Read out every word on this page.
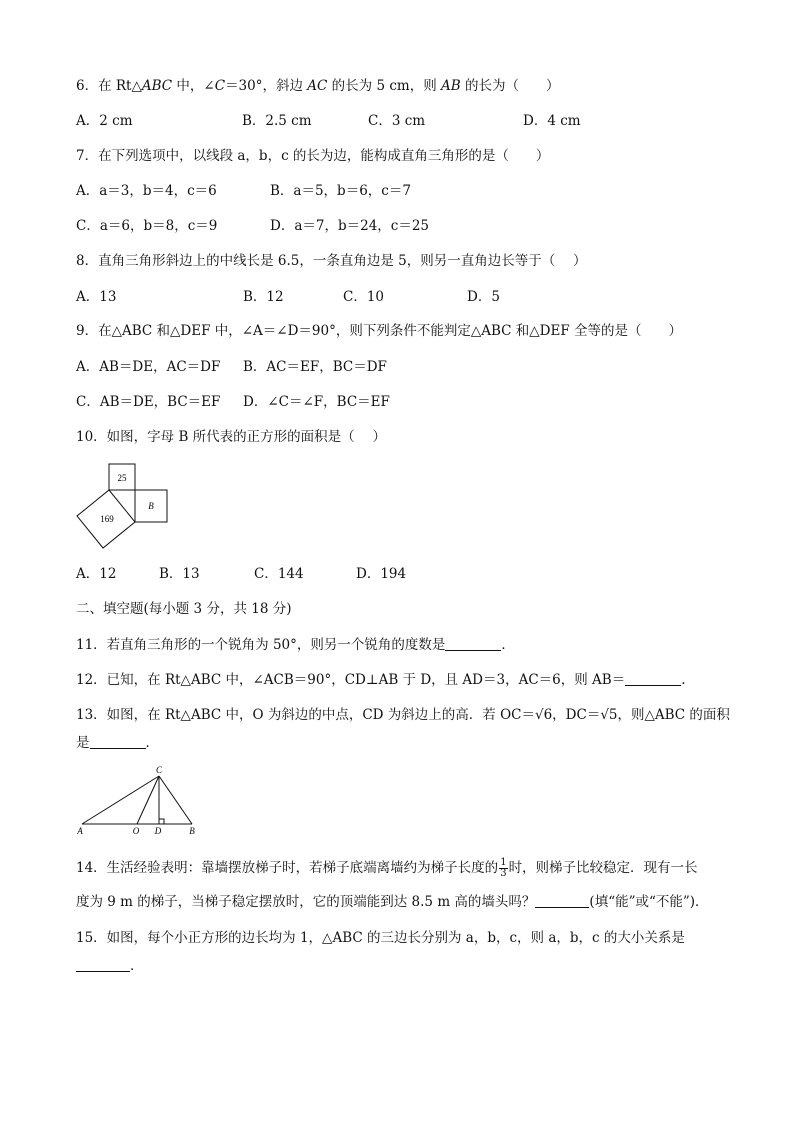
6．在 Rt△ABC 中，∠C＝30°，斜边 AC 的长为 5 cm，则 AB 的长为（　　）
A．2 cm	B．2.5 cm	C．3 cm	D．4 cm
7．在下列选项中，以线段 a，b，c 的长为边，能构成直角三角形的是（　　）
A．a＝3，b＝4，c＝6	B．a＝5，b＝6，c＝7
C．a＝6，b＝8，c＝9	D．a＝7，b＝24，c＝25
8．直角三角形斜边上的中线长是 6.5，一条直角边是 5，则另一直角边长等于（　 ）
A．13	B．12	C．10	D．5
9．在△ABC 和△DEF 中，∠A＝∠D＝90°，则下列条件不能判定△ABC 和△DEF 全等的是（　　）
A．AB＝DE，AC＝DF B．AC＝EF，BC＝DF
C．AB＝DE，BC＝EF D．∠C＝∠F，BC＝EF
10．如图，字母 B 所代表的正方形的面积是（　 ）
25
B
169
A．12	B．13	C．144	D．194
二、填空题(每小题 3 分，共 18 分)
11．若直角三角形的一个锐角为 50°，则另一个锐角的度数是	．
12．已知，在 Rt△ABC 中，∠ACB＝90°，CD⊥AB 于 D，且 AD＝3，AC＝6，则 AB＝	.
13．如图，在 Rt△ABC 中，O 为斜边的中点，CD 为斜边上的高．若 OC＝√6，DC＝√5，则△ABC 的面积
是	．
C
A	O D	B
14．生活经验表明：靠墙摆放梯子时，若梯子底端离墙约为梯子长度的 $\frac{1}{3}$ 时，则梯子比较稳定．现有一长
度为 9 m 的梯子，当梯子稳定摆放时，它的顶端能到达 8.5 m 高的墙头吗？	(填“能”或“不能”)．
15．如图，每个小正方形的边长均为 1，△ABC 的三边长分别为 a，b，c，则 a，b，c 的大小关系是
．
